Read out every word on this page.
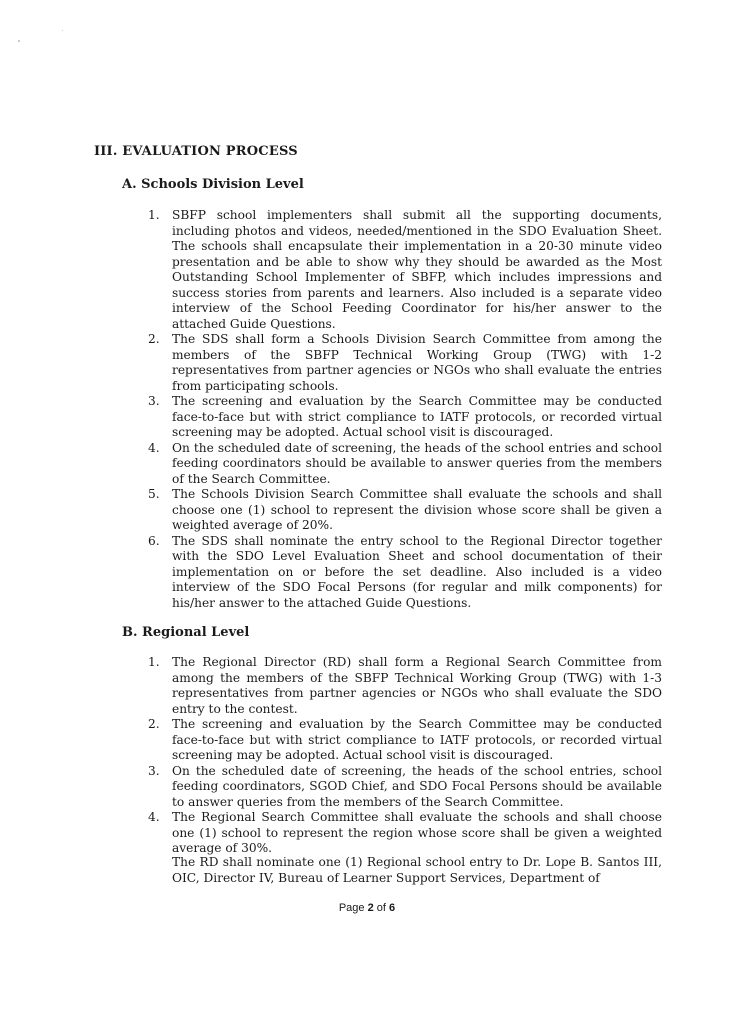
III. EVALUATION PROCESS
A. Schools Division Level
1. SBFP school implementers shall submit all the supporting documents, including photos and videos, needed/mentioned in the SDO Evaluation Sheet. The schools shall encapsulate their implementation in a 20-30 minute video presentation and be able to show why they should be awarded as the Most Outstanding School Implementer of SBFP, which includes impressions and success stories from parents and learners. Also included is a separate video interview of the School Feeding Coordinator for his/her answer to the attached Guide Questions.
2. The SDS shall form a Schools Division Search Committee from among the members of the SBFP Technical Working Group (TWG) with 1-2 representatives from partner agencies or NGOs who shall evaluate the entries from participating schools.
3. The screening and evaluation by the Search Committee may be conducted face-to-face but with strict compliance to IATF protocols, or recorded virtual screening may be adopted. Actual school visit is discouraged.
4. On the scheduled date of screening, the heads of the school entries and school feeding coordinators should be available to answer queries from the members of the Search Committee.
5. The Schools Division Search Committee shall evaluate the schools and shall choose one (1) school to represent the division whose score shall be given a weighted average of 20%.
6. The SDS shall nominate the entry school to the Regional Director together with the SDO Level Evaluation Sheet and school documentation of their implementation on or before the set deadline. Also included is a video interview of the SDO Focal Persons (for regular and milk components) for his/her answer to the attached Guide Questions.
B. Regional Level
1. The Regional Director (RD) shall form a Regional Search Committee from among the members of the SBFP Technical Working Group (TWG) with 1-3 representatives from partner agencies or NGOs who shall evaluate the SDO entry to the contest.
2. The screening and evaluation by the Search Committee may be conducted face-to-face but with strict compliance to IATF protocols, or recorded virtual screening may be adopted. Actual school visit is discouraged.
3. On the scheduled date of screening, the heads of the school entries, school feeding coordinators, SGOD Chief, and SDO Focal Persons should be available to answer queries from the members of the Search Committee.
4. The Regional Search Committee shall evaluate the schools and shall choose one (1) school to represent the region whose score shall be given a weighted average of 30%.
The RD shall nominate one (1) Regional school entry to Dr. Lope B. Santos III, OIC, Director IV, Bureau of Learner Support Services, Department of
Page 2 of 6
